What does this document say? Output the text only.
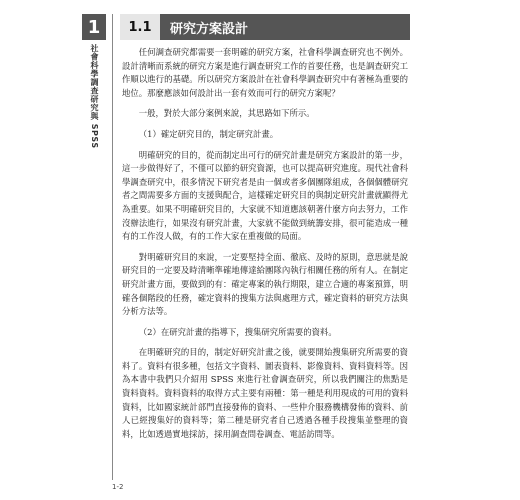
1
社會科學調查研究與 SPSS
1.1	研究方案設計

任何調查研究都需要一套明確的研究方案，社會科學調查研究也不例外。設計清晰而系統的研究方案是進行調查研究工作的首要任務，也是調查研究工作順以進行的基礎。所以研究方案設計在社會科學調查研究中有著極為重要的地位。那麼應該如何設計出一套有效而可行的研究方案呢？

一般，對於大部分案例來說，其思路如下所示。

（1）確定研究目的，制定研究計畫。

明確研究的目的，從而制定出可行的研究計畫是研究方案設計的第一步，這一步做得好了，不僅可以節約研究資源，也可以提高研究進度。現代社會科學調查研究中，很多情況下研究者是由一個或者多個團隊組成，各個個體研究者之間需要多方面的支援與配合，這樣確定研究目的與制定研究計畫就顯得尤為重要。如果不明確研究目的，大家就不知道應該朝著什麼方向去努力，工作沒辦法進行，如果沒有研究計畫，大家就不能做到統籌安排，很可能造成一種有的工作沒人做，有的工作大家在重複做的局面。

對明確研究目的來說，一定要堅持全面、徹底、及時的原則，意思就是說研究目的一定要及時清晰準確地傳達給團隊內執行相關任務的所有人。在制定研究計畫方面，要做到的有：確定專案的執行期限，建立合適的專案預算，明確各個階段的任務，確定資料的搜集方法與處理方式，確定資料的研究方法與分析方法等。

（2）在研究計畫的指導下，搜集研究所需要的資料。

在明確研究的目的，制定好研究計畫之後，就要開始搜集研究所需要的資料了。資料有很多種，包括文字資料、圖表資料、影像資料、資料資料等。因為本書中我們只介紹用 SPSS 來進行社會調查研究，所以我們關注的焦點是資料資料。資料資料的取得方式主要有兩種：第一種是利用現成的可用的資料資料，比如國家統計部門直接發佈的資料、一些仲介服務機構發佈的資料、前人已經搜集好的資料等；第二種是研究者自己透過各種手段搜集並整理的資料，比如透過實地採訪，採用調查問卷調查、電話訪問等。

1-2
